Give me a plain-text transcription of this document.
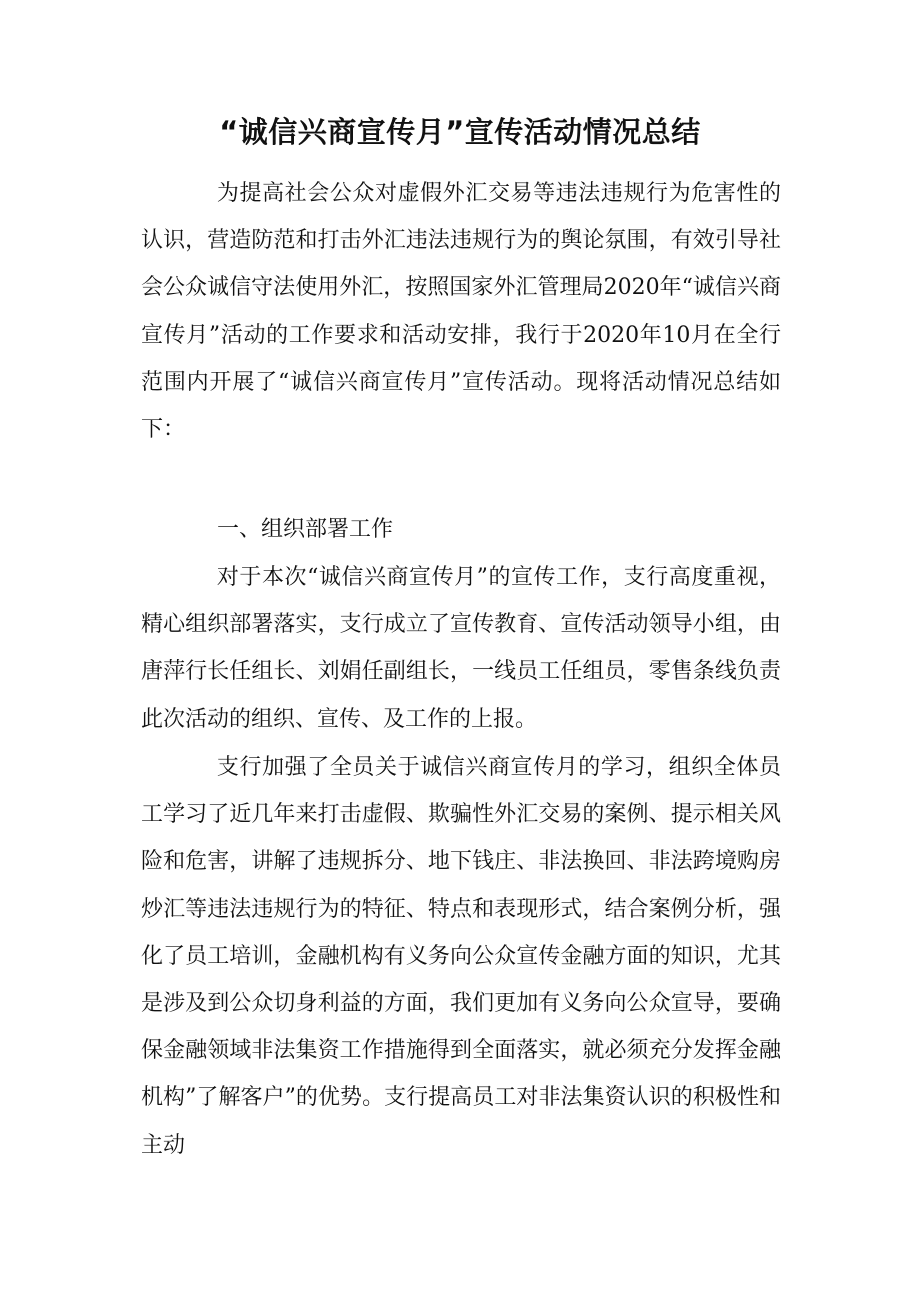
“诚信兴商宣传月”宣传活动情况总结

为提高社会公众对虚假外汇交易等违法违规行为危害性的认识，营造防范和打击外汇违法违规行为的舆论氛围，有效引导社会公众诚信守法使用外汇，按照国家外汇管理局2020年“诚信兴商宣传月”活动的工作要求和活动安排，我行于2020年10月在全行范围内开展了“诚信兴商宣传月”宣传活动。现将活动情况总结如下：

一、组织部署工作

对于本次“诚信兴商宣传月”的宣传工作，支行高度重视，精心组织部署落实，支行成立了宣传教育、宣传活动领导小组，由唐萍行长任组长、刘娟任副组长，一线员工任组员，零售条线负责此次活动的组织、宣传、及工作的上报。

支行加强了全员关于诚信兴商宣传月的学习，组织全体员工学习了近几年来打击虚假、欺骗性外汇交易的案例、提示相关风险和危害，讲解了违规拆分、地下钱庄、非法换回、非法跨境购房炒汇等违法违规行为的特征、特点和表现形式，结合案例分析，强化了员工培训，金融机构有义务向公众宣传金融方面的知识，尤其是涉及到公众切身利益的方面，我们更加有义务向公众宣导，要确保金融领域非法集资工作措施得到全面落实，就必须充分发挥金融机构”了解客户”的优势。支行提高员工对非法集资认识的积极性和主动
